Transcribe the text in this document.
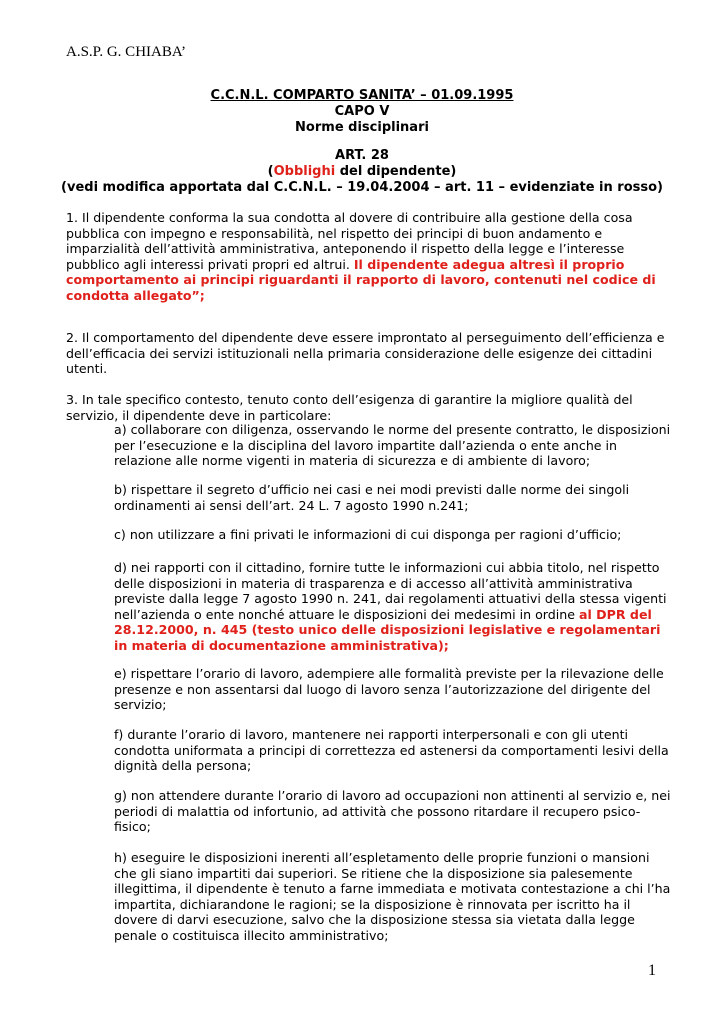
A.S.P. G. CHIABA’
C.C.N.L. COMPARTO SANITA’ – 01.09.1995
CAPO V
Norme disciplinari
ART. 28
(Obblighi del dipendente)
(vedi modifica apportata dal C.C.N.L. – 19.04.2004 – art. 11 – evidenziate in rosso)
1. Il dipendente conforma la sua condotta al dovere di contribuire alla gestione della cosa pubblica con impegno e responsabilità, nel rispetto dei principi di buon andamento e imparzialità dell’attività amministrativa, anteponendo il rispetto della legge e l’interesse pubblico agli interessi privati propri ed altrui. Il dipendente adegua altresì il proprio comportamento ai principi riguardanti il rapporto di lavoro, contenuti nel codice di condotta allegato”;
2. Il comportamento del dipendente deve essere improntato al perseguimento dell’efficienza e dell’efficacia dei servizi istituzionali nella primaria considerazione delle esigenze dei cittadini utenti.
3. In tale specifico contesto, tenuto conto dell’esigenza di garantire la migliore qualità del servizio, il dipendente deve in particolare:
a) collaborare con diligenza, osservando le norme del presente contratto, le disposizioni per l’esecuzione e la disciplina del lavoro impartite dall’azienda o ente anche in relazione alle norme vigenti in materia di sicurezza e di ambiente di lavoro;
b) rispettare il segreto d’ufficio nei casi e nei modi previsti dalle norme dei singoli ordinamenti ai sensi dell’art. 24 L. 7 agosto 1990 n.241;
c) non utilizzare a fini privati le informazioni di cui disponga per ragioni d’ufficio;
d) nei rapporti con il cittadino, fornire tutte le informazioni cui abbia titolo, nel rispetto delle disposizioni in materia di trasparenza e di accesso all’attività amministrativa previste dalla legge 7 agosto 1990 n. 241, dai regolamenti attuativi della stessa vigenti nell’azienda o ente nonché attuare le disposizioni dei medesimi in ordine al DPR del 28.12.2000, n. 445 (testo unico delle disposizioni legislative e regolamentari in materia di documentazione amministrativa);
e) rispettare l’orario di lavoro, adempiere alle formalità previste per la rilevazione delle presenze e non assentarsi dal luogo di lavoro senza l’autorizzazione del dirigente del servizio;
f) durante l’orario di lavoro, mantenere nei rapporti interpersonali e con gli utenti condotta uniformata a principi di correttezza ed astenersi da comportamenti lesivi della dignità della persona;
g) non attendere durante l’orario di lavoro ad occupazioni non attinenti al servizio e, nei periodi di malattia od infortunio, ad attività che possono ritardare il recupero psico-fisico;
h) eseguire le disposizioni inerenti all’espletamento delle proprie funzioni o mansioni che gli siano impartiti dai superiori. Se ritiene che la disposizione sia palesemente illegittima, il dipendente è tenuto a farne immediata e motivata contestazione a chi l’ha impartita, dichiarandone le ragioni; se la disposizione è rinnovata per iscritto ha il dovere di darvi esecuzione, salvo che la disposizione stessa sia vietata dalla legge penale o costituisca illecito amministrativo;
1
